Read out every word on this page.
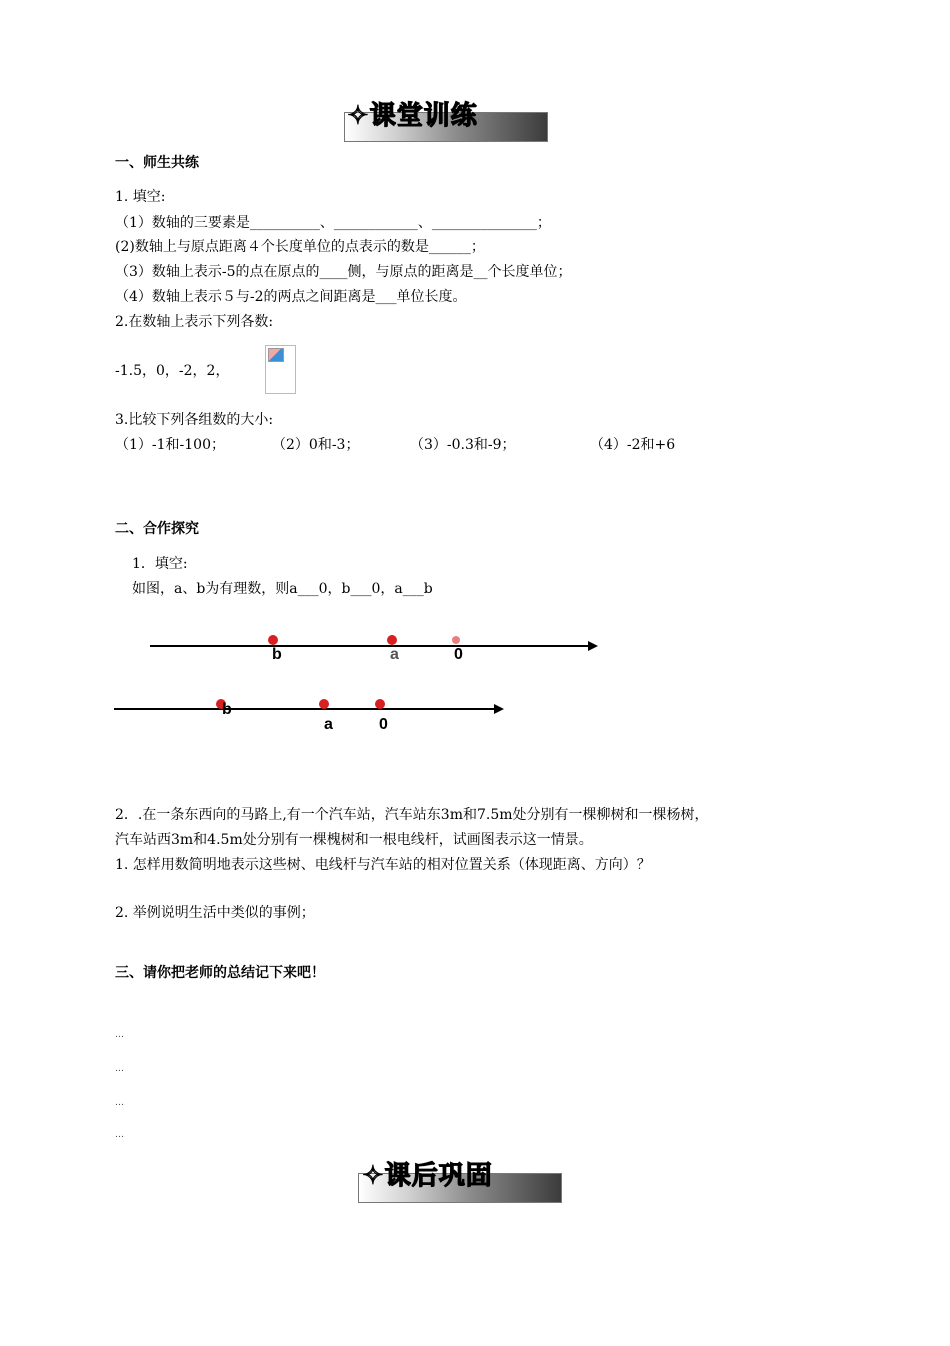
✧课堂训练
一、师生共练
1. 填空:
（1）数轴的三要素是__________、____________、_______________；
(2)数轴上与原点距离４个长度单位的点表示的数是______；
（3）数轴上表示-5的点在原点的____侧，与原点的距离是__个长度单位；
（4）数轴上表示５与-2的两点之间距离是___单位长度。
2.在数轴上表示下列各数:
-1.5，0，-2，2，
3.比较下列各组数的大小:
（1）-1和-100；	（2）0和-3；	（3）-0.3和-9；	（4）-2和+6
二、合作探究
1．填空:
如图，a、b为有理数，则a___0，b___0，a___b
b	a	0
b
a	0
2．.在一条东西向的马路上,有一个汽车站，汽车站东3m和7.5m处分别有一棵柳树和一棵杨树，
汽车站西3m和4.5m处分别有一棵槐树和一根电线杆，试画图表示这一情景。
1. 怎样用数简明地表示这些树、电线杆与汽车站的相对位置关系（体现距离、方向）？
2. 举例说明生活中类似的事例；
三、请你把老师的总结记下来吧！
…
…
…
…
✧课后巩固
